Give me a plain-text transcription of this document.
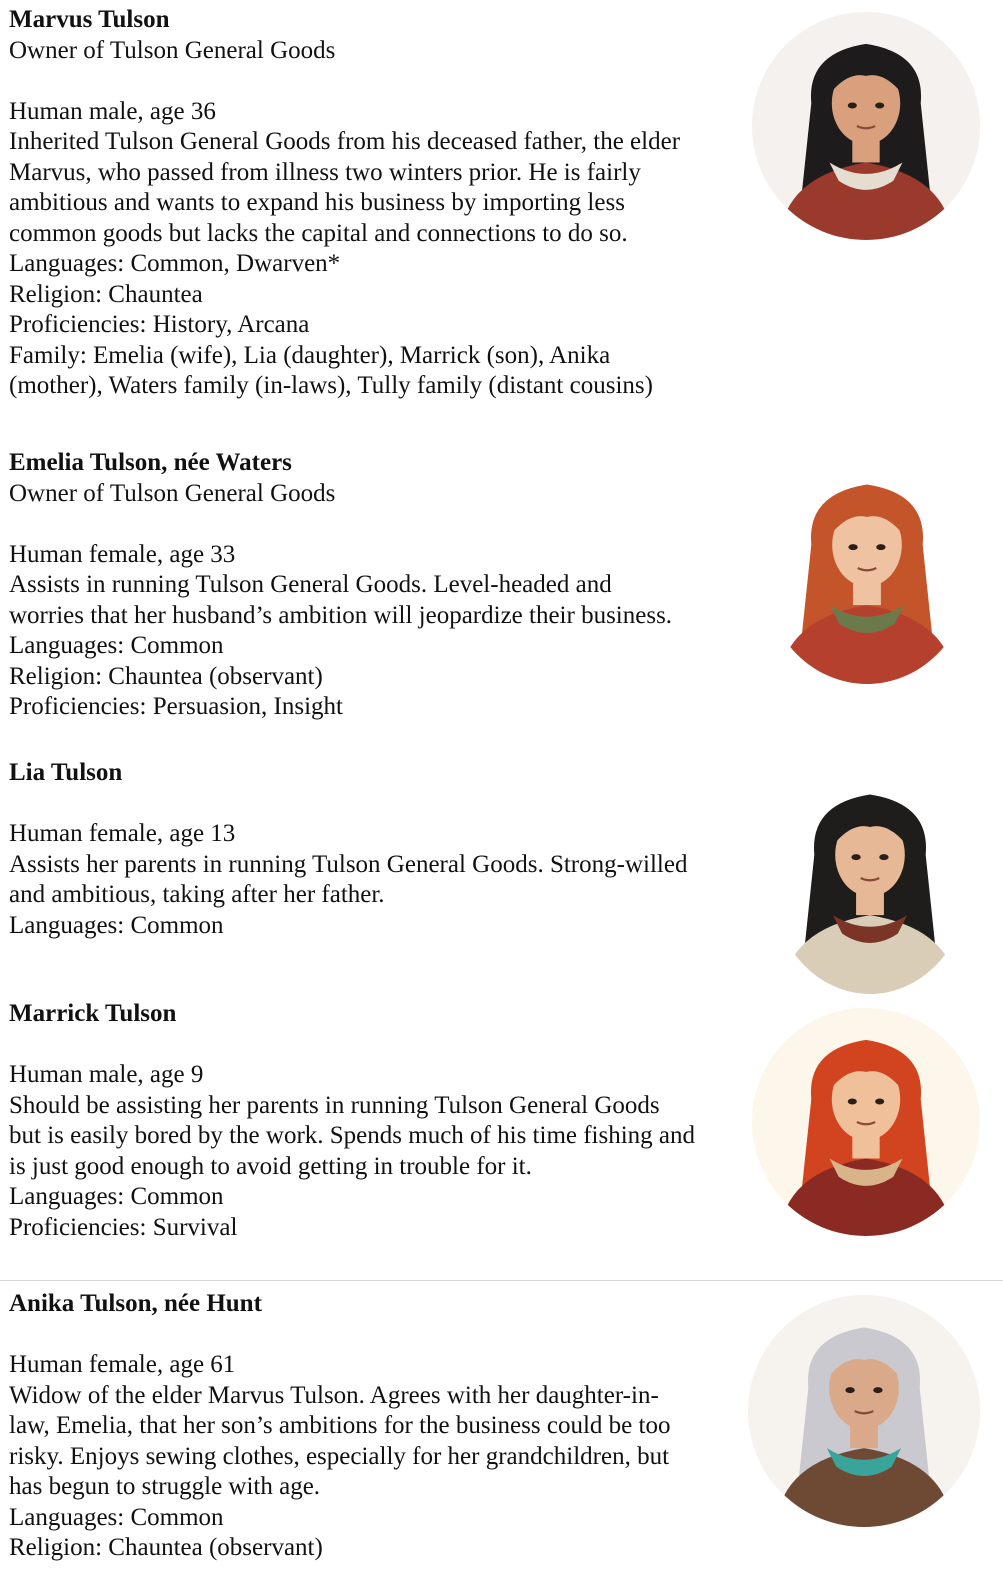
Marvus Tulson

Owner of Tulson General Goods

Human male, age 36

Inherited Tulson General Goods from his deceased father, the elder

Marvus, who passed from illness two winters prior. He is fairly

ambitious and wants to expand his business by importing less

common goods but lacks the capital and connections to do so.

Languages: Common, Dwarven*

Religion: Chauntea

Proficiencies: History, Arcana

Family: Emelia (wife), Lia (daughter), Marrick (son), Anika

(mother), Waters family (in-laws), Tully family (distant cousins)

Emelia Tulson, née Waters

Owner of Tulson General Goods

Human female, age 33

Assists in running Tulson General Goods. Level-headed and

worries that her husband’s ambition will jeopardize their business.

Languages: Common

Religion: Chauntea (observant)

Proficiencies: Persuasion, Insight

Lia Tulson

Human female, age 13

Assists her parents in running Tulson General Goods. Strong-willed

and ambitious, taking after her father.

Languages: Common

Marrick Tulson

Human male, age 9

Should be assisting her parents in running Tulson General Goods

but is easily bored by the work. Spends much of his time fishing and

is just good enough to avoid getting in trouble for it.

Languages: Common

Proficiencies: Survival

Anika Tulson, née Hunt

Human female, age 61

Widow of the elder Marvus Tulson. Agrees with her daughter-in-

law, Emelia, that her son’s ambitions for the business could be too

risky. Enjoys sewing clothes, especially for her grandchildren, but

has begun to struggle with age.

Languages: Common

Religion: Chauntea (observant)
